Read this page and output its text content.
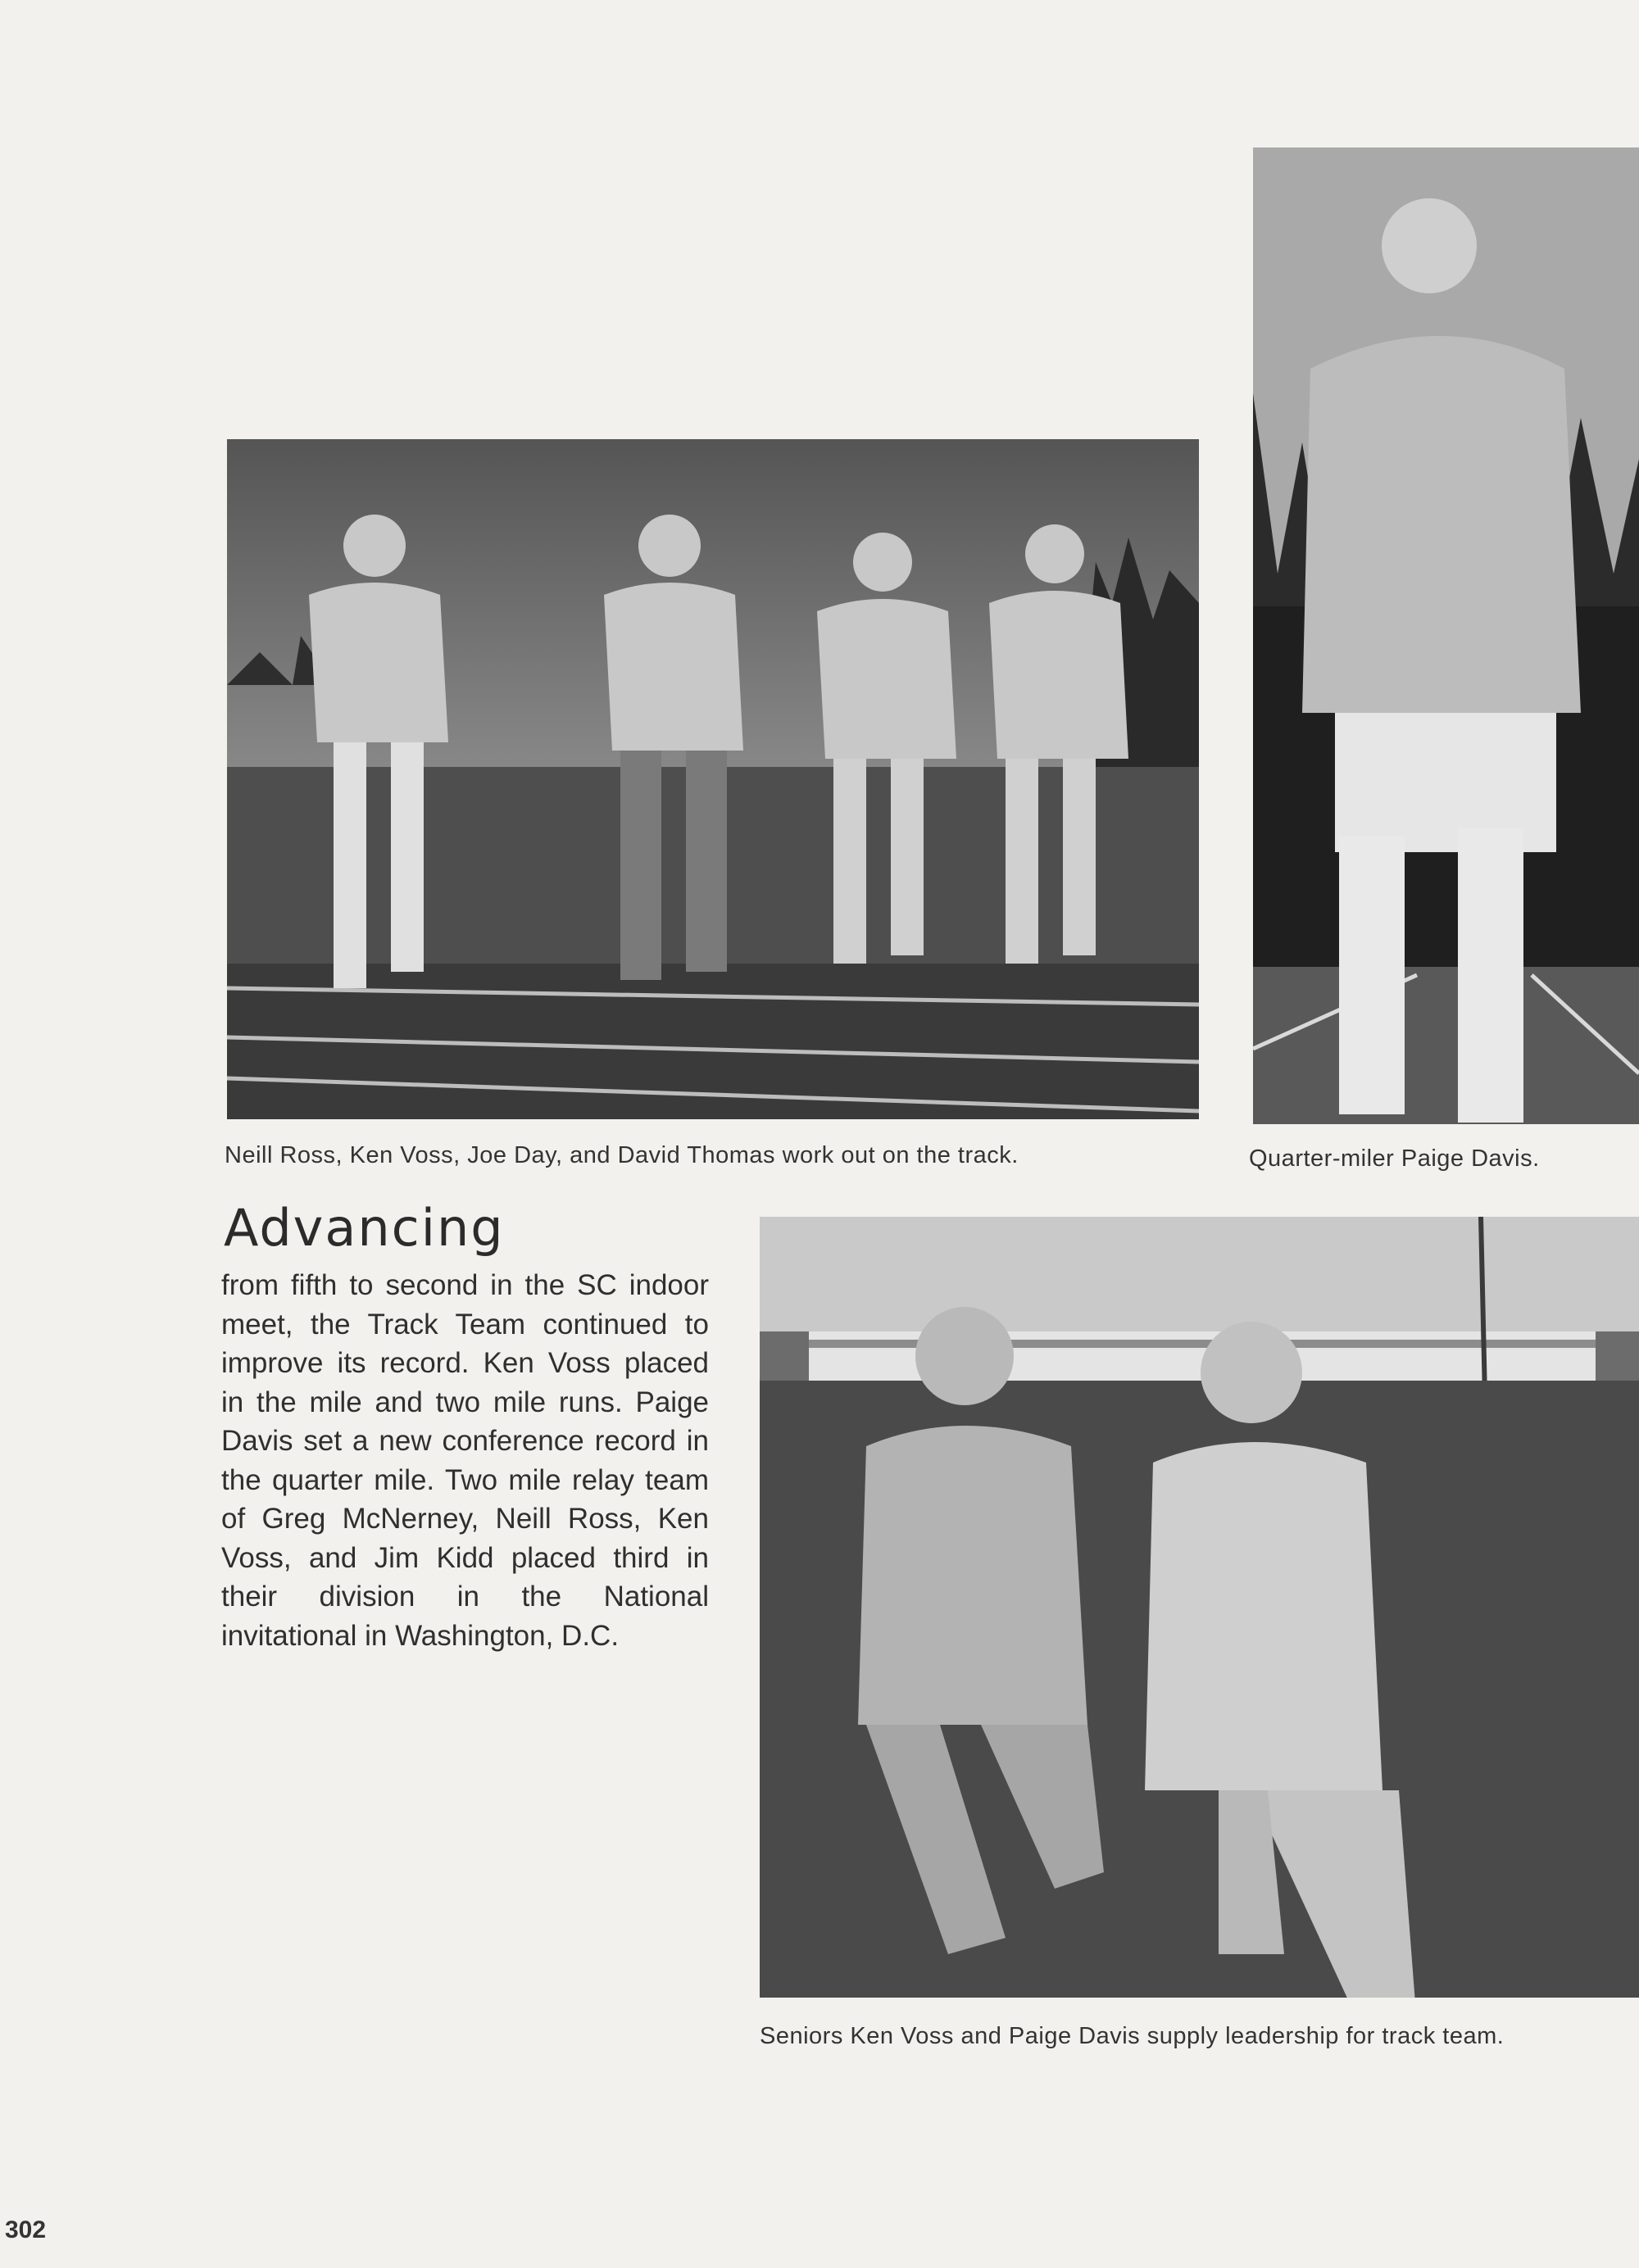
Neill Ross, Ken Voss, Joe Day, and David Thomas work out on the track.	Quarter-miler Paige Davis.
Advancing

from fifth to second in the SC indoor meet, the Track Team continued to improve its record. Ken Voss placed in the mile and two mile runs. Paige Davis set a new conference record in the quarter mile. Two mile relay team of Greg McNerney, Neill Ross, Ken Voss, and Jim Kidd placed third in their division in the National invitational in Washington, D.C.

Seniors Ken Voss and Paige Davis supply leadership for track team.
302
